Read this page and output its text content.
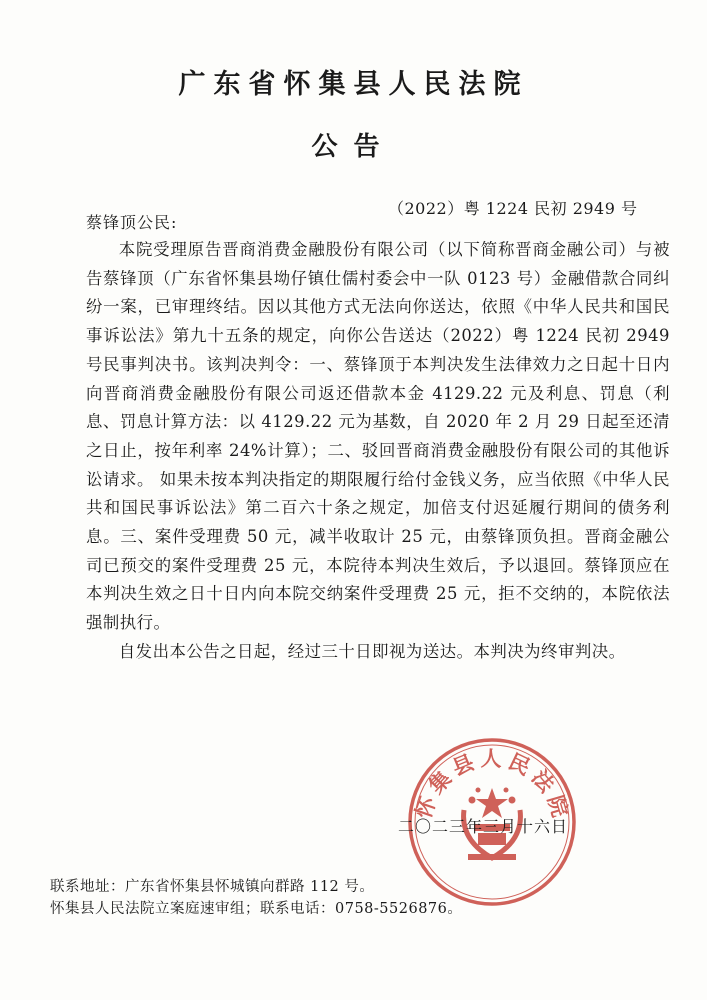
广东省怀集县人民法院
公告
（2022）粤 1224 民初 2949 号
蔡锋顶公民:

本院受理原告晋商消费金融股份有限公司（以下简称晋商金融公司）与被告蔡锋顶（广东省怀集县坳仔镇仕儒村委会中一队 0123 号）金融借款合同纠纷一案，已审理终结。因以其他方式无法向你送达，依照《中华人民共和国民事诉讼法》第九十五条的规定，向你公告送达（2022）粤 1224 民初 2949 号民事判决书。该判决判令：一、蔡锋顶于本判决发生法律效力之日起十日内向晋商消费金融股份有限公司返还借款本金 4129.22 元及利息、罚息（利息、罚息计算方法：以 4129.22 元为基数，自 2020 年 2 月 29 日起至还清之日止，按年利率 24%计算）；二、驳回晋商消费金融股份有限公司的其他诉讼请求。 如果未按本判决指定的期限履行给付金钱义务，应当依照《中华人民共和国民事诉讼法》第二百六十条之规定，加倍支付迟延履行期间的债务利息。三、案件受理费 50 元，减半收取计 25 元，由蔡锋顶负担。晋商金融公司已预交的案件受理费 25 元，本院待本判决生效后，予以退回。蔡锋顶应在本判决生效之日十日内向本院交纳案件受理费 25 元，拒不交纳的，本院依法强制执行。

自发出本公告之日起，经过三十日即视为送达。本判决为终审判决。

怀集县人民法院
二〇二三年三月十六日
联系地址：广东省怀集县怀城镇向群路 112 号。
怀集县人民法院立案庭速审组；联系电话：0758-5526876。
